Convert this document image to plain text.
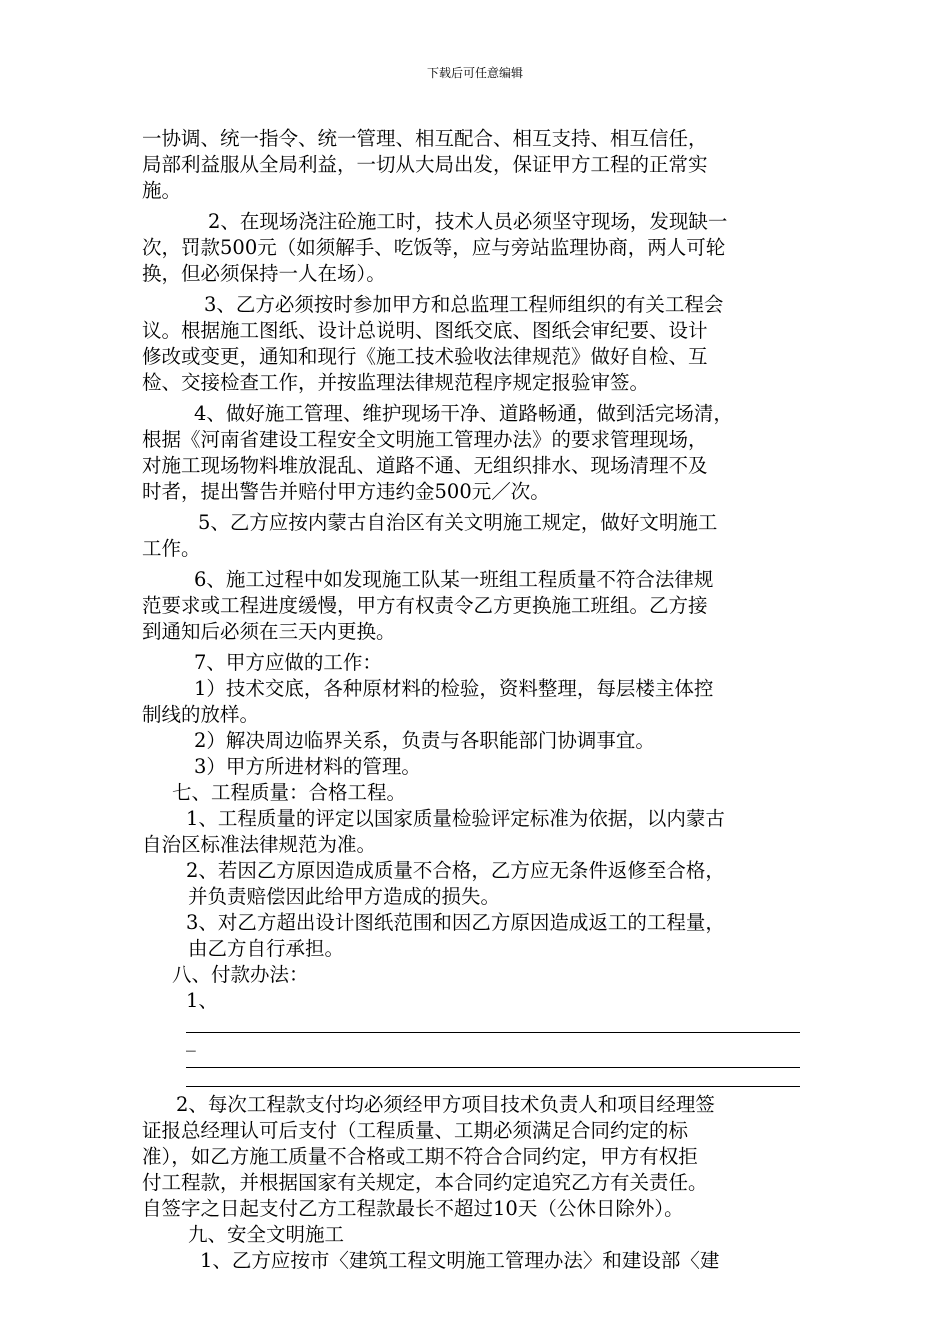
下载后可任意编辑
一协调、统一指令、统一管理、相互配合、相互支持、相互信任，
局部利益服从全局利益，一切从大局出发，保证甲方工程的正常实
施。
2、在现场浇注砼施工时，技术人员必须坚守现场，发现缺一
次，罚款500元（如须解手、吃饭等，应与旁站监理协商，两人可轮
换，但必须保持一人在场）。
3、乙方必须按时参加甲方和总监理工程师组织的有关工程会
议。根据施工图纸、设计总说明、图纸交底、图纸会审纪要、设计
修改或变更，通知和现行《施工技术验收法律规范》做好自检、互
检、交接检查工作，并按监理法律规范程序规定报验审签。
4、做好施工管理、维护现场干净、道路畅通，做到活完场清，
根据《河南省建设工程安全文明施工管理办法》的要求管理现场，
对施工现场物料堆放混乱、道路不通、无组织排水、现场清理不及
时者，提出警告并赔付甲方违约金500元／次。
5、乙方应按内蒙古自治区有关文明施工规定，做好文明施工
工作。
6、施工过程中如发现施工队某一班组工程质量不符合法律规
范要求或工程进度缓慢，甲方有权责令乙方更换施工班组。乙方接
到通知后必须在三天内更换。
7、甲方应做的工作：
1）技术交底，各种原材料的检验，资料整理，每层楼主体控
制线的放样。
2）解决周边临界关系，负责与各职能部门协调事宜。
3）甲方所进材料的管理。
七、工程质量：合格工程。
1、工程质量的评定以国家质量检验评定标准为依据，以内蒙古
自治区标准法律规范为准。
2、若因乙方原因造成质量不合格，乙方应无条件返修至合格，
并负责赔偿因此给甲方造成的损失。
3、对乙方超出设计图纸范围和因乙方原因造成返工的工程量，
由乙方自行承担。
八、付款办法：
1、
_
2、每次工程款支付均必须经甲方项目技术负责人和项目经理签
证报总经理认可后支付（工程质量、工期必须满足合同约定的标
准），如乙方施工质量不合格或工期不符合合同约定，甲方有权拒
付工程款，并根据国家有关规定，本合同约定追究乙方有关责任。
自签字之日起支付乙方工程款最长不超过10天（公休日除外）。
九、安全文明施工
1、乙方应按市〈建筑工程文明施工管理办法〉和建设部〈建
